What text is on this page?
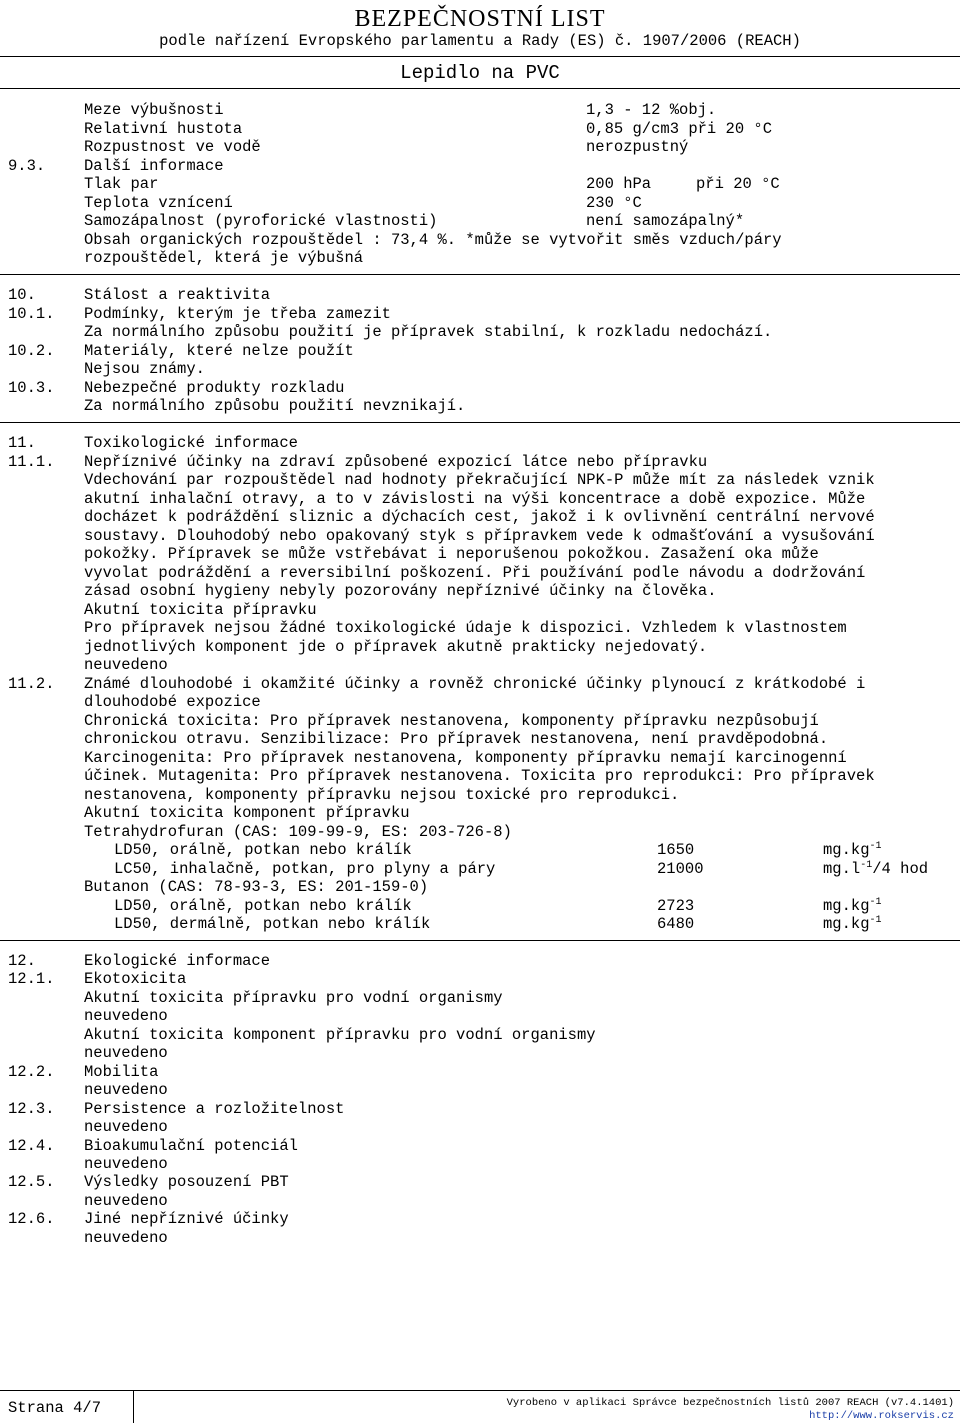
BEZPEČNOSTNÍ LIST
podle nařízení Evropského parlamentu a Rady (ES) č. 1907/2006 (REACH)
Lepidlo na PVC
Meze výbušnosti	1,3 - 12 %obj.
Relativní hustota	0,85 g/cm3 při 20 °C
Rozpustnost ve vodě	nerozpustný
9.3.	Další informace
Tlak par	200 hPa	při 20 °C
Teplota vznícení	230 °C
Samozápalnost (pyroforické vlastnosti)	není samozápalný*
Obsah organických rozpouštědel : 73,4 %. *může se vytvořit směs vzduch/páry
rozpouštědel, která je výbušná
10.	Stálost a reaktivita
10.1. Podmínky, kterým je třeba zamezit
Za normálního způsobu použití je přípravek stabilní, k rozkladu nedochází.
10.2. Materiály, které nelze použít
Nejsou známy.
10.3. Nebezpečné produkty rozkladu
Za normálního způsobu použití nevznikají.
11.	Toxikologické informace
11.1. Nepříznivé účinky na zdraví způsobené expozicí látce nebo přípravku
Vdechování par rozpouštědel nad hodnoty překračující NPK-P může mít za následek vznik
akutní inhalační otravy, a to v závislosti na výši koncentrace a době expozice. Může
docházet k podráždění sliznic a dýchacích cest, jakož i k ovlivnění centrální nervové
soustavy. Dlouhodobý nebo opakovaný styk s přípravkem vede k odmašťování a vysušování
pokožky. Přípravek se může vstřebávat i neporušenou pokožkou. Zasažení oka může
vyvolat podráždění a reversibilní poškození. Při používání podle návodu a dodržování
zásad osobní hygieny nebyly pozorovány nepříznivé účinky na člověka.
Akutní toxicita přípravku
Pro přípravek nejsou žádné toxikologické údaje k dispozici. Vzhledem k vlastnostem
jednotlivých komponent jde o přípravek akutně prakticky nejedovatý.
neuvedeno
11.2. Známé dlouhodobé i okamžité účinky a rovněž chronické účinky plynoucí z krátkodobé i
dlouhodobé expozice
Chronická toxicita: Pro přípravek nestanovena, komponenty přípravku nezpůsobují
chronickou otravu. Senzibilizace: Pro přípravek nestanovena, není pravděpodobná.
Karcinogenita: Pro přípravek nestanovena, komponenty přípravku nemají karcinogenní
účinek. Mutagenita: Pro přípravek nestanovena. Toxicita pro reprodukci: Pro přípravek
nestanovena, komponenty přípravku nejsou toxické pro reprodukci.
Akutní toxicita komponent přípravku
Tetrahydrofuran (CAS: 109-99-9, ES: 203-726-8)
LD50, orálně, potkan nebo králík	1650	$mg.kg^{-1}$
LC50, inhalačně, potkan, pro plyny a páry	21000	$mg.l^{-1}/4$ hod
Butanon (CAS: 78-93-3, ES: 201-159-0)
LD50, orálně, potkan nebo králík	2723	$mg.kg^{-1}$
LD50, dermálně, potkan nebo králík	6480	$mg.kg^{-1}$
12.	Ekologické informace
12.1. Ekotoxicita
Akutní toxicita přípravku pro vodní organismy
neuvedeno
Akutní toxicita komponent přípravku pro vodní organismy
neuvedeno
12.2. Mobilita
neuvedeno
12.3. Persistence a rozložitelnost
neuvedeno
12.4. Bioakumulační potenciál
neuvedeno
12.5. Výsledky posouzení PBT
neuvedeno
12.6. Jiné nepříznivé účinky
neuvedeno
Strana 4/7	Vyrobeno v aplikaci Správce bezpečnostních listů 2007 REACH (v7.4.1401)
http://www.rokservis.cz
